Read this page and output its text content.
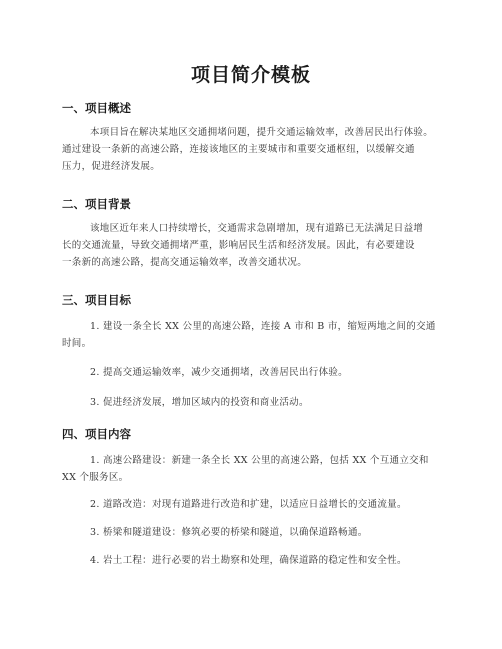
项目简介模板
一、项目概述
本项目旨在解决某地区交通拥堵问题，提升交通运输效率，改善居民出行体验。
通过建设一条新的高速公路，连接该地区的主要城市和重要交通枢纽，以缓解交通
压力，促进经济发展。
二、项目背景
该地区近年来人口持续增长，交通需求急剧增加，现有道路已无法满足日益增
长的交通流量，导致交通拥堵严重，影响居民生活和经济发展。因此，有必要建设
一条新的高速公路，提高交通运输效率，改善交通状况。
三、项目目标
1. 建设一条全长 XX 公里的高速公路，连接 A 市和 B 市，缩短两地之间的交通
时间。
2. 提高交通运输效率，减少交通拥堵，改善居民出行体验。
3. 促进经济发展，增加区域内的投资和商业活动。
四、项目内容
1. 高速公路建设：新建一条全长 XX 公里的高速公路，包括 XX 个互通立交和
XX 个服务区。
2. 道路改造：对现有道路进行改造和扩建，以适应日益增长的交通流量。
3. 桥梁和隧道建设：修筑必要的桥梁和隧道，以确保道路畅通。
4. 岩土工程：进行必要的岩土勘察和处理，确保道路的稳定性和安全性。
